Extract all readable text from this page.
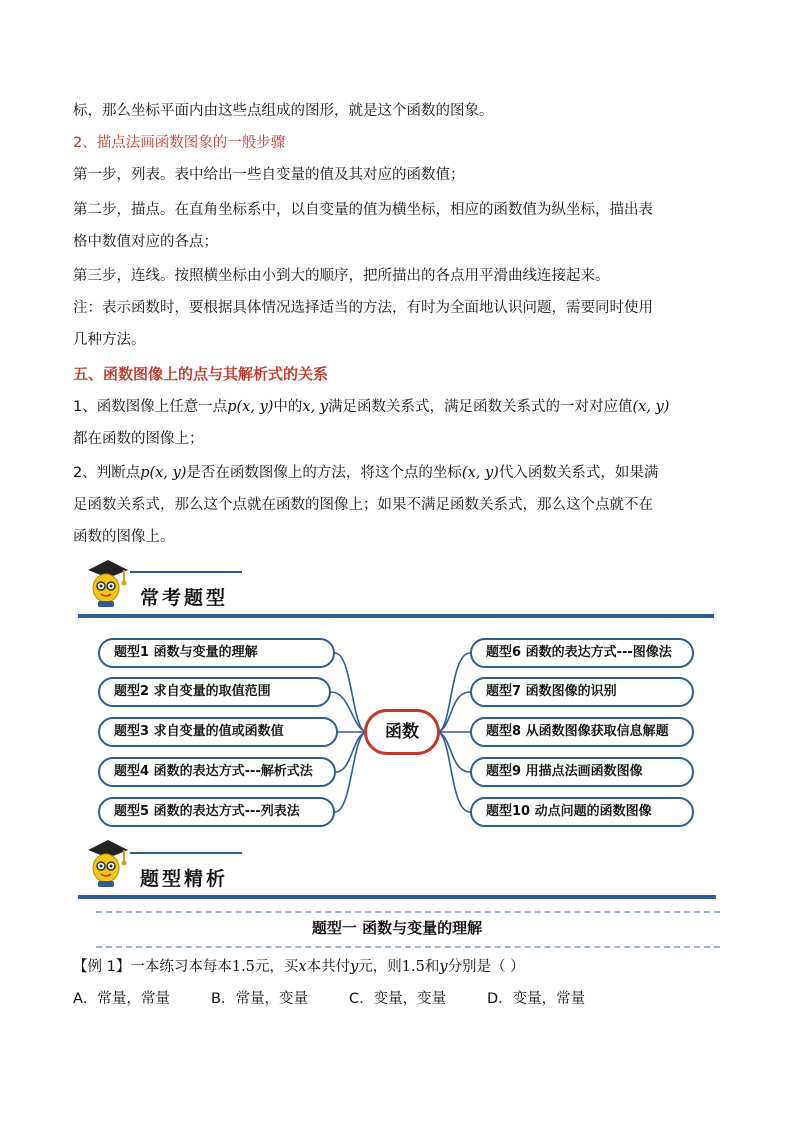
标，那么坐标平面内由这些点组成的图形，就是这个函数的图象。

2、描点法画函数图象的一般步骤

第一步，列表。表中给出一些自变量的值及其对应的函数值；

第二步，描点。在直角坐标系中，以自变量的值为横坐标，相应的函数值为纵坐标，描出表

格中数值对应的各点；

第三步，连线。按照横坐标由小到大的顺序，把所描出的各点用平滑曲线连接起来。

注：表示函数时，要根据具体情况选择适当的方法，有时为全面地认识问题，需要同时使用

几种方法。

五、函数图像上的点与其解析式的关系

1、函数图像上任意一点p(x, y)中的x, y满足函数关系式，满足函数关系式的一对对应值(x, y)

都在函数的图像上；

2、判断点p(x, y)是否在函数图像上的方法，将这个点的坐标(x, y)代入函数关系式，如果满

足函数关系式，那么这个点就在函数的图像上；如果不满足函数关系式，那么这个点就不在

函数的图像上。

常考题型
题型1 函数与变量的理解
题型2 求自变量的取值范围
题型3 求自变量的值或函数值
题型4 函数的表达方式---解析式法
题型5 函数的表达方式---列表法
函数
题型6 函数的表达方式---图像法
题型7 函数图像的识别
题型8 从函数图像获取信息解题
题型9 用描点法画函数图像
题型10 动点问题的函数图像
题型精析
题型一 函数与变量的理解

【例 1】一本练习本每本1.5元，买x本共付y元，则1.5和y分别是（ ）

A．常量，常量	B．常量，变量	C．变量，变量	D．变量，常量
